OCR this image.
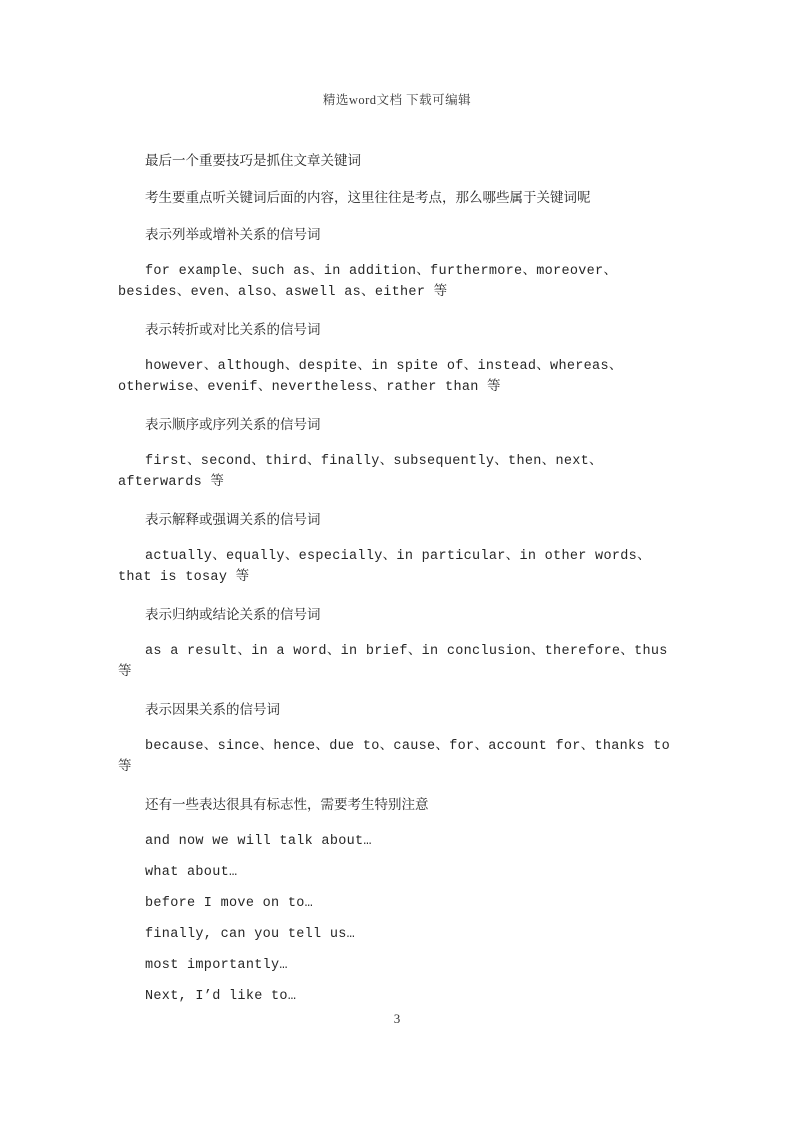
精选word文档 下载可编辑

最后一个重要技巧是抓住文章关键词

考生要重点听关键词后面的内容，这里往往是考点，那么哪些属于关键词呢

表示列举或增补关系的信号词

for example、such as、in addition、furthermore、moreover、besides、even、also、aswell as、either 等

表示转折或对比关系的信号词

however、although、despite、in spite of、instead、whereas、otherwise、evenif、nevertheless、rather than 等

表示顺序或序列关系的信号词

first、second、third、finally、subsequently、then、next、afterwards 等

表示解释或强调关系的信号词

actually、equally、especially、in particular、in other words、that is tosay 等

表示归纳或结论关系的信号词

as a result、in a word、in brief、in conclusion、therefore、thus 等

表示因果关系的信号词

because、since、hence、due to、cause、for、account for、thanks to 等

还有一些表达很具有标志性，需要考生特别注意

and now we will talk about…

what about…

before I move on to…

finally, can you tell us…

most importantly…

Next, I’d like to…

3
